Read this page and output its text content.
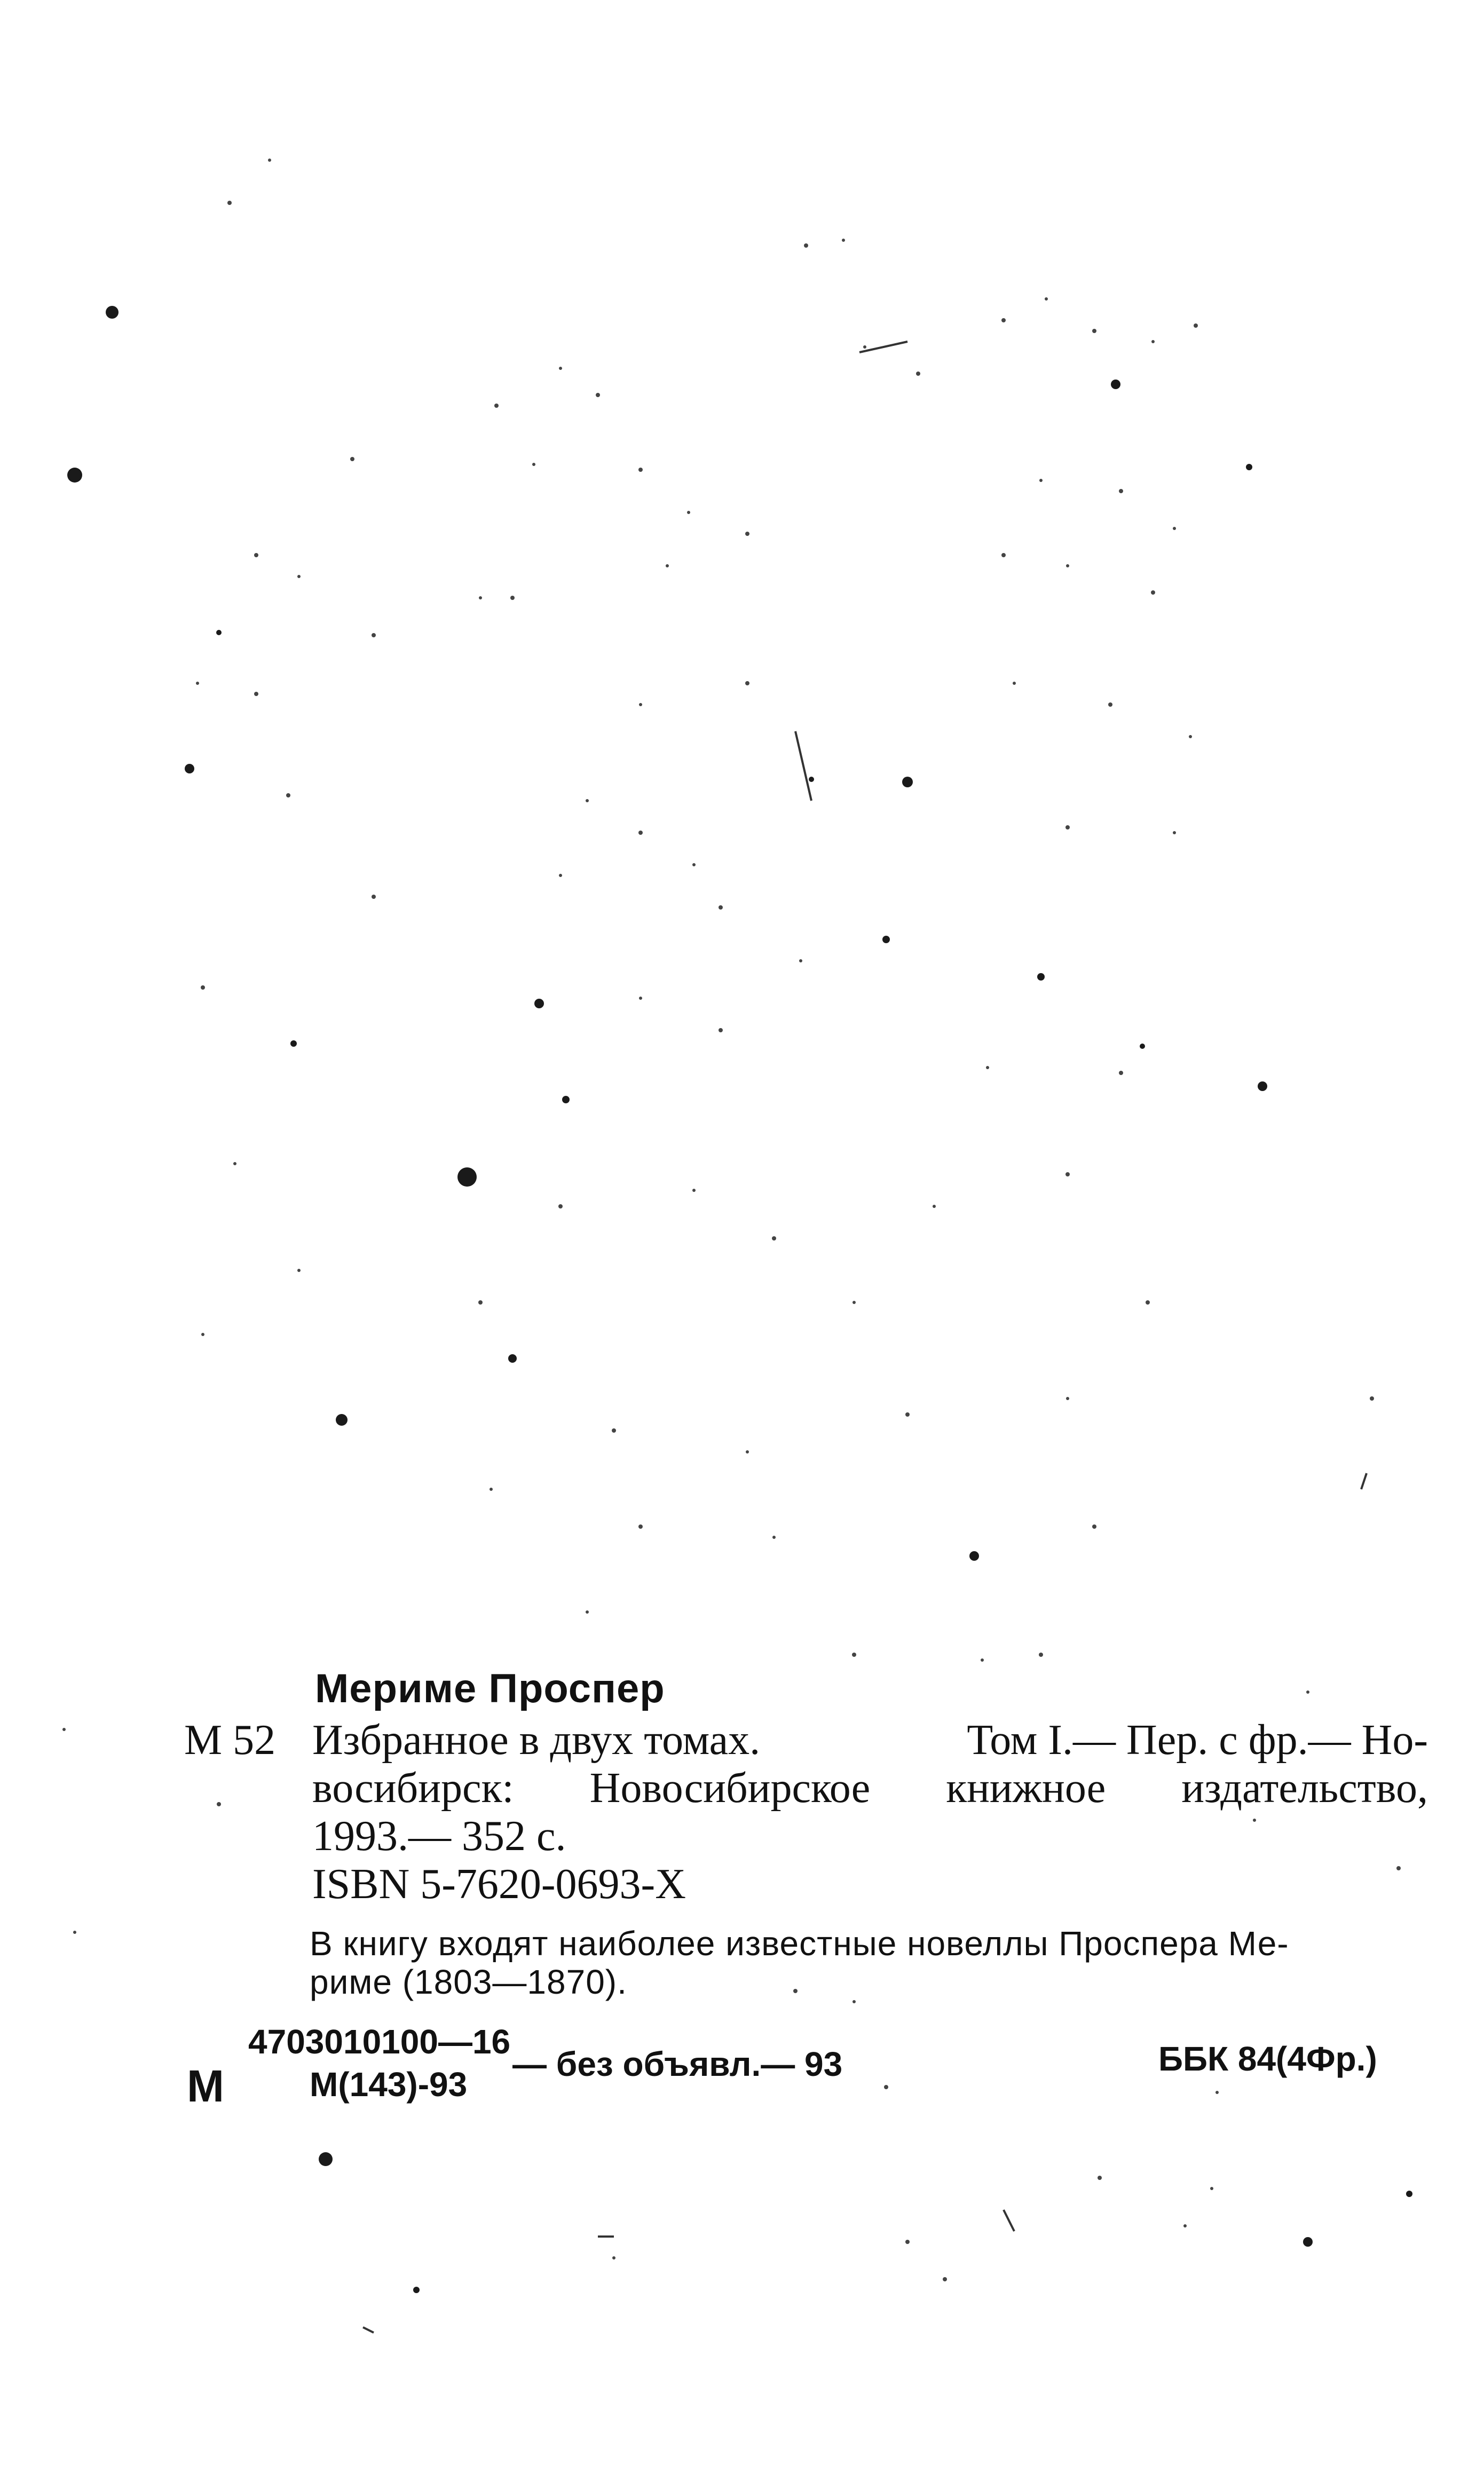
Мериме Проспер
М 52 Избранное в двух томах.	Том I.— Пер. с фр.— Но-
восибирск: Новосибирское книжное издательство,
1993.— 352 с.
ISBN 5-7620-0693-X
В книгу входят наиболее известные новеллы Проспера Ме-
риме (1803—1870).
М
4703010100—16
М(143)-93
— без объявл.— 93	ББК 84(4Фр.)
